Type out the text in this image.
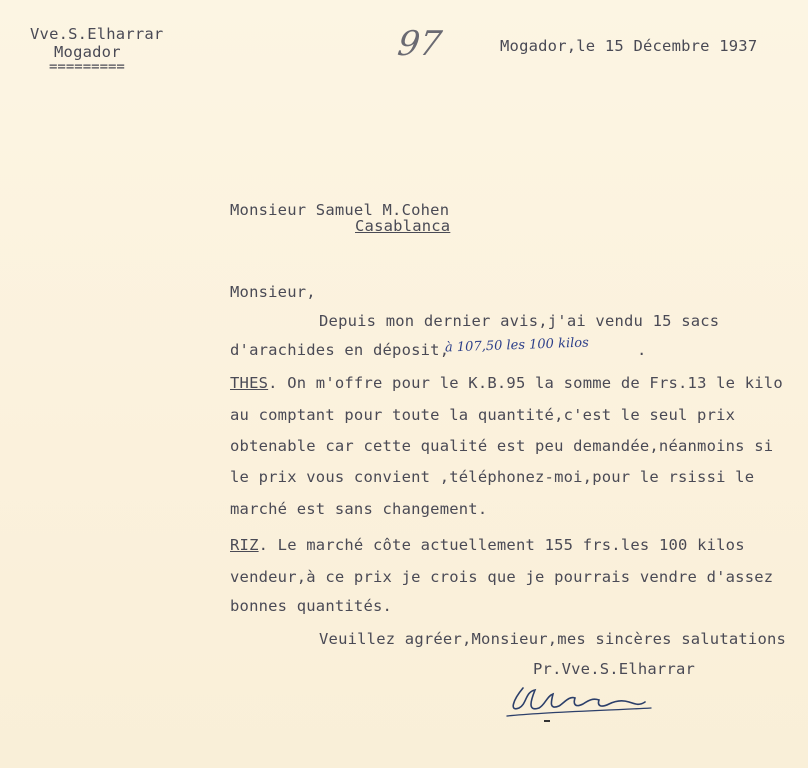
Vve.S.Elharrar
Mogador
=========
97	Mogador,le 15 Décembre 1937
Monsieur Samuel M.Cohen
Casablanca
Monsieur,
Depuis mon dernier avis,j'ai vendu 15 sacs
d'arachides en déposit,
à 107,50 les 100 kilos	.
THES. On m'offre pour le K.B.95 la somme de Frs.13 le kilo
au comptant pour toute la quantité,c'est le seul prix
obtenable car cette qualité est peu demandée,néanmoins si
le prix vous convient ,téléphonez-moi,pour le rsissi le
marché est sans changement.
RIZ. Le marché côte actuellement 155 frs.les 100 kilos
vendeur,à ce prix je crois que je pourrais vendre d'assez
bonnes quantités.
Veuillez agréer,Monsieur,mes sincères salutations
Pr.Vve.S.Elharrar
